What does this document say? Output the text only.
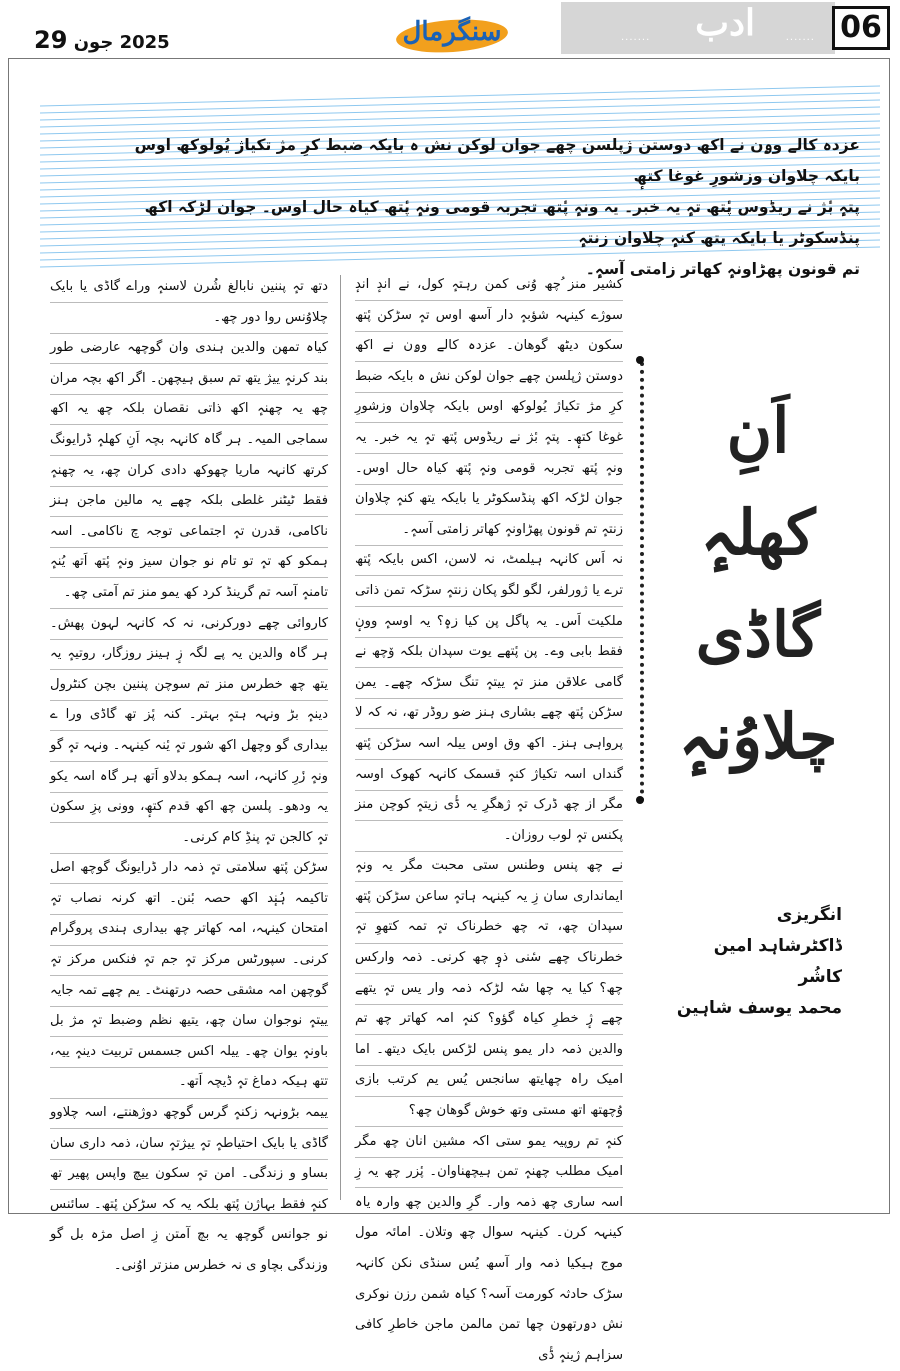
2025 جون 29	سنگرمال	....... ادب	....... 06
عزدہ کالے وۄن نے اکھ دوستن ژپلسن چھے جوان لوکن نش ہ بایکہ ضبط کرِ مژ تکیاژ یُولوکھ اوس بایکہ چلاوان وزشورِ غوغا کتھٕ
پتہٕ بٔژ نے ریڈوس پٔتھ تہٕ یہ خبر۔ یہ ونہٕ پٔتھ تجربہ قومی ونہٕ پٔتھ کیاہ حال اوس۔ جوان لڑکہ اکھ پنڈسکوٹر یا بایکہ یتھ کنہٕ چلاوان زنتہٕ
تم قونون پھڑاونہٕ کھاتر زامتی آسہٕ۔
اَنِ
کھلہٕ
گاڈی
چلاوُنہٕ
انگریزی
ڈاکٹرشاہد امین
کاشُر
محمد یوسف شاہین

کشیر منز ُچھ وُنی کمن رہتہٕ کول، نے اندٕ اندٕ سوژے کینہہ شؤبہٕ دار آسھ اوس تہٕ سڑکن پٔتھ سکون دیٹھ گوھان۔ عزدہ کالے وۄن نے اکھ دوستن ژپلسن چھے جوان لوکن نش ہ بایکہ ضبط کرِ مژ تکیاژ یُولوکھ اوس بایکہ چلاوان وزشورِ غوغا کتھٕ۔ پتہٕ بٔژ نے ریڈوس پٔتھ تہٕ یہ خبر۔ یہ ونہٕ پٔتھ تجربہ قومی ونہٕ پٔتھ کیاہ حال اوس۔ جوان لڑکہ اکھ پنڈسکوٹر یا بایکہ یتھ کنہٕ چلاوان زنتہٕ تم قونون پھڑاونہٕ کھاتر زامتی آسہٕ۔

نہ اَس کانہہ ہیلمٹ، نہ لاسن، اکس بایکہ پٔتھ ترے یا ژورلفر، لگو لگو پکان زنتہٕ سڑکہ تمن ذاتی ملکیت اَس۔ یہ پاگل پن کیا زہٕ؟ یہ اوسہٕ وونٕ فقط بابی وے۔ پن پٔتھے یوت سپدان بلکہ ۆچھ نے گامی علاقن منز تہٕ ییتہٕ تنگ سڑکہ چھے۔ یمن سڑکن پٔتھ چھے بشاری ہنز ضو روڈر تھ، نہ کہ لا پرواہی ہنز۔ اکھ وق اوس ییلہ اسہ سڑکن پٔتھ گنداں اسہ تکیاژ کنہٕ قسمک کانہہ کھوک اوسہ مگر از چھ ڈرک تہٕ ژھگرِ یہ ڈٔی زیتہٕ کوچن منز پکنس تہٕ لوب روزان۔

نے چھ پنس وطنس ستی محبت مگر یہ ونہٕ ایمانداری سان زِ یہ کینہہ ہاتہٕ ساعن سڑکن پٔتھ سپدان چھ، تہ چھ خطرناک تہٕ تمہ کتھوِ تہٕ خطرناک چھے سٔنی ذوٕ چھ کرنی۔ ذمہ وارکس چھ؟ کیا یہ چھا سٔہ لڑکہ ذمہ وار یس تہٕ یتھے چھے ژٕ خطرِ کیاہ گؤو؟ کنہٕ امہ کھاتر چھ تم والدین ذمہ دار یمو پنس لڑکس بایک دیتھ۔ اما امیک راہ چھایتھ سانجس یُس یم کرتب بازی وُچھتھ اتھ مستی وتھ خوش گوھان چھ؟

کنہٕ تم روپیہ یمو ستی اکہ مشین انان چھ مگر امیک مطلب چھنہٕ تمن ہیچھناوان۔ پٔزر چھ یہ زِ اسہ ساری چھ ذمہ وار۔ گرِ والدین چھ وارہ یاہ کینہہ کرن۔ کینہہ سوال چھ وتلان۔ امائہ مول موج ہیکیا ذمہ وار آسھ یُس سنڈی نکن کانہہ سڑک حادثہ کورمت آسہ؟ کیاہ شمن رزن نوکری نش دۄرتھون چھا تمن مالمن ماجن خاطرِ کافی سزاہم ژینہٕ ڈٔی

دتھ تہٕ پننین نابالغ شُرن لاسنہٕ وراے گاڈی یا بایک چلاوُنس روا دور چھ۔

کیاہ تمھن والدین ہندی وان گوچھہ عارضی طور بند کرنہٕ ییژ یتھ تم سبق ہیچھن۔ اگر اکھ بچہ مران چھ یہ چھنہٕ اکھ ذاتی نقصان بلکہ چھ یہ اکھ سماجی المیہ۔ ہر گاہ کانہہ بچہ اَنِ کھلہٕ ڈرایونگ کرتھ کانہہ ماریا چھوکھ دادی کران چھ، یہ چھنہٕ فقط ٹیٹنر غلطی بلکہ چھے یہ مالین ماجن ہنز ناکامی، قدرن تہٕ اجتماعی توجہ چ ناکامی۔ اسہ ہمکو کھ تہٕ تو تام نو جوان سیز ونہٕ پٔتھ اَتھ یُنہٕ تامنہٕ آسہ تم گرینڈ کرد کھ یمو منز تم آمتی چھ۔

کاروائی چھے دورکرنی، نہ کہ کانہہ لہون پھش۔ ہر گاہ والدین یہ پے لگہ زٕ ہینز روزگار، روتیہٕ یہ یتھ چھ خطرس منز تم سوچن پننین بچن کنٹرول دینہٕ بڑ ونہہ ہتہٕ بہتر۔ کنہ پٔز تھ گاڈی ورا ے بیداری گو وچھل اکھ شور تہٕ یٔنہ کینہہ۔ ونہہ تہٕ گو ونہٕ زٔرِ کانہہ، اسہ ہمکو بدلاو اَتھ ہر گاہ اسہ یکو یہ ودھو۔ پلسن چھ اکھ قدم کتھٕ، وونی پزِ سکون تہٕ کالجن تہٕ پنڈِ کام کرنی۔

سڑکن پٔتھ سلامتی تہٕ ذمہ دار ڈرایونگ گوچھ اصل تاکیمہ ہُنٕد اکھ حصہ بٔنن۔ اتھ کرنہ نصاب تہٕ امتحان کینہہ، امہ کھاتر چھ بیداری ہندی پروگرام کرنی۔ سپورٹس مرکز تہٕ جم تہٕ فنکس مرکز تہٕ گوچھن امہ مشقی حصہ درتھنٹ۔ یم چھے تمہ جایہ ییتہٕ نوجوان سان چھ، یتیھ نظم وضبط تہٕ مژ بل باونہٕ یوان چھ۔ ییلہ اکس جسمس تربیت دینہٕ ییہ، تتھ ہیکہ دماغ تہٕ ڈیچہ اَتھ۔

ییمہ بڑونہہ زکنہٕ گرس گوچھ دوژھنتے، اسہ چلاوو گاڈی یا بایک احتیاطہٕ تہٕ ییژتہٕ سان، ذمہ داری سان بساو و زندگی۔ امن تہٕ سکون ییچ واپس پھیر تھ کنہٕ فقط بہاژن پٔتھ بلکہ یہ کہ سڑکن پٔتھ۔ سائنس نو جوانس گوچھ یہ بچ آمتن زِ اصل مژہ بل گو وزندگی بچاو ی نہ خطرس منزتر اوُنی۔
